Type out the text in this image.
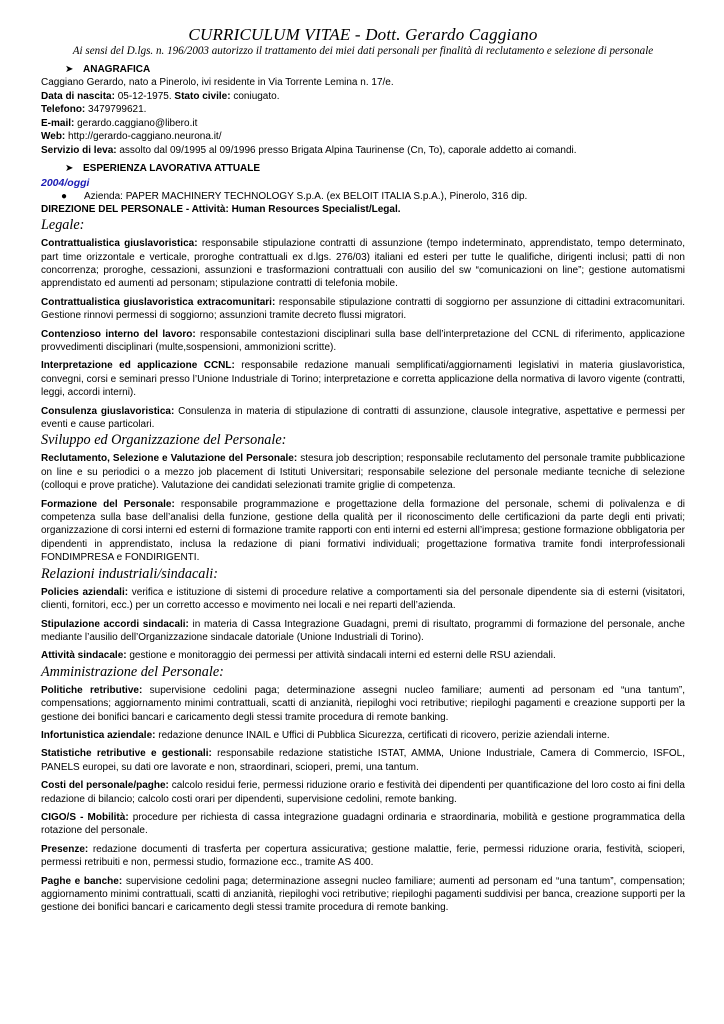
CURRICULUM VITAE - Dott. Gerardo Caggiano
Ai sensi del D.lgs. n. 196/2003 autorizzo il trattamento dei miei dati personali per finalità di reclutamento e selezione di personale
➤ ANAGRAFICA
Caggiano Gerardo, nato a Pinerolo, ivi residente in Via Torrente Lemina n. 17/e.
Data di nascita: 05-12-1975. Stato civile: coniugato.
Telefono: 3479799621.
E-mail: gerardo.caggiano@libero.it
Web: http://gerardo-caggiano.neurona.it/
Servizio di leva: assolto dal 09/1995 al 09/1996 presso Brigata Alpina Taurinense (Cn, To), caporale addetto ai comandi.
➤ ESPERIENZA LAVORATIVA ATTUALE
2004/oggi
● Azienda: PAPER MACHINERY TECHNOLOGY S.p.A. (ex BELOIT ITALIA S.p.A.), Pinerolo, 316 dip.
DIREZIONE DEL PERSONALE - Attività: Human Resources Specialist/Legal.
Legale:
Contrattualistica giuslavoristica: responsabile stipulazione contratti di assunzione (tempo indeterminato, apprendistato, tempo determinato, part time orizzontale e verticale, proroghe contrattuali ex d.lgs. 276/03) italiani ed esteri per tutte le qualifiche, dirigenti inclusi; patti di non concorrenza; proroghe, cessazioni, assunzioni e trasformazioni contrattuali con ausilio del sw “comunicazioni on line”; gestione automatismi apprendistato ed aumenti ad personam; stipulazione contratti di telefonia mobile.
Contrattualistica giuslavoristica extracomunitari: responsabile stipulazione contratti di soggiorno per assunzione di cittadini extracomunitari. Gestione rinnovi permessi di soggiorno; assunzioni tramite decreto flussi migratori.
Contenzioso interno del lavoro: responsabile contestazioni disciplinari sulla base dell’interpretazione del CCNL di riferimento, applicazione provvedimenti disciplinari (multe,sospensioni, ammonizioni scritte).
Interpretazione ed applicazione CCNL: responsabile redazione manuali semplificati/aggiornamenti legislativi in materia giuslavoristica, convegni, corsi e seminari presso l’Unione Industriale di Torino; interpretazione e corretta applicazione della normativa di lavoro vigente (contratti, leggi, accordi interni).
Consulenza giuslavoristica: Consulenza in materia di stipulazione di contratti di assunzione, clausole integrative, aspettative e permessi per eventi e cause particolari.
Sviluppo ed Organizzazione del Personale:
Reclutamento, Selezione e Valutazione del Personale: stesura job description; responsabile reclutamento del personale tramite pubblicazione on line e su periodici o a mezzo job placement di Istituti Universitari; responsabile selezione del personale mediante tecniche di selezione (colloqui e prove pratiche). Valutazione dei candidati selezionati tramite griglie di competenza.
Formazione del Personale: responsabile programmazione e progettazione della formazione del personale, schemi di polivalenza e di competenza sulla base dell’analisi della funzione, gestione della qualità per il riconoscimento delle certificazioni da parte degli enti privati; organizzazione di corsi interni ed esterni di formazione tramite rapporti con enti interni ed esterni all’impresa; gestione formazione obbligatoria per dipendenti in apprendistato, inclusa la redazione di piani formativi individuali; progettazione formativa tramite fondi interprofessionali FONDIMPRESA e FONDIRIGENTI.
Relazioni industriali/sindacali:
Policies aziendali: verifica e istituzione di sistemi di procedure relative a comportamenti sia del personale dipendente sia di esterni (visitatori, clienti, fornitori, ecc.) per un corretto accesso e movimento nei locali e nei reparti dell’azienda.
Stipulazione accordi sindacali: in materia di Cassa Integrazione Guadagni, premi di risultato, programmi di formazione del personale, anche mediante l’ausilio dell’Organizzazione sindacale datoriale (Unione Industriali di Torino).
Attività sindacale: gestione e monitoraggio dei permessi per attività sindacali interni ed esterni delle RSU aziendali.
Amministrazione del Personale:
Politiche retributive: supervisione cedolini paga; determinazione assegni nucleo familiare; aumenti ad personam ed “una tantum”, compensations; aggiornamento minimi contrattuali, scatti di anzianità, riepiloghi voci retributive; riepiloghi pagamenti e creazione supporti per la gestione dei bonifici bancari e caricamento degli stessi tramite procedura di remote banking.
Infortunistica aziendale: redazione denunce INAIL e Uffici di Pubblica Sicurezza, certificati di ricovero, perizie aziendali interne.
Statistiche retributive e gestionali: responsabile redazione statistiche ISTAT, AMMA, Unione Industriale, Camera di Commercio, ISFOL, PANELS europei, su dati ore lavorate e non, straordinari, scioperi, premi, una tantum.
Costi del personale/paghe: calcolo residui ferie, permessi riduzione orario e festività dei dipendenti per quantificazione del loro costo ai fini della redazione di bilancio; calcolo costi orari per dipendenti, supervisione cedolini, remote banking.
CIGO/S - Mobilità: procedure per richiesta di cassa integrazione guadagni ordinaria e straordinaria, mobilità e gestione programmatica della rotazione del personale.
Presenze: redazione documenti di trasferta per copertura assicurativa; gestione malattie, ferie, permessi riduzione oraria, festività, scioperi, permessi retribuiti e non, permessi studio, formazione ecc., tramite AS 400.
Paghe e banche: supervisione cedolini paga; determinazione assegni nucleo familiare; aumenti ad personam ed “una tantum”, compensation; aggiornamento minimi contrattuali, scatti di anzianità, riepiloghi voci retributive; riepiloghi pagamenti suddivisi per banca, creazione supporti per la gestione dei bonifici bancari e caricamento degli stessi tramite procedura di remote banking.
